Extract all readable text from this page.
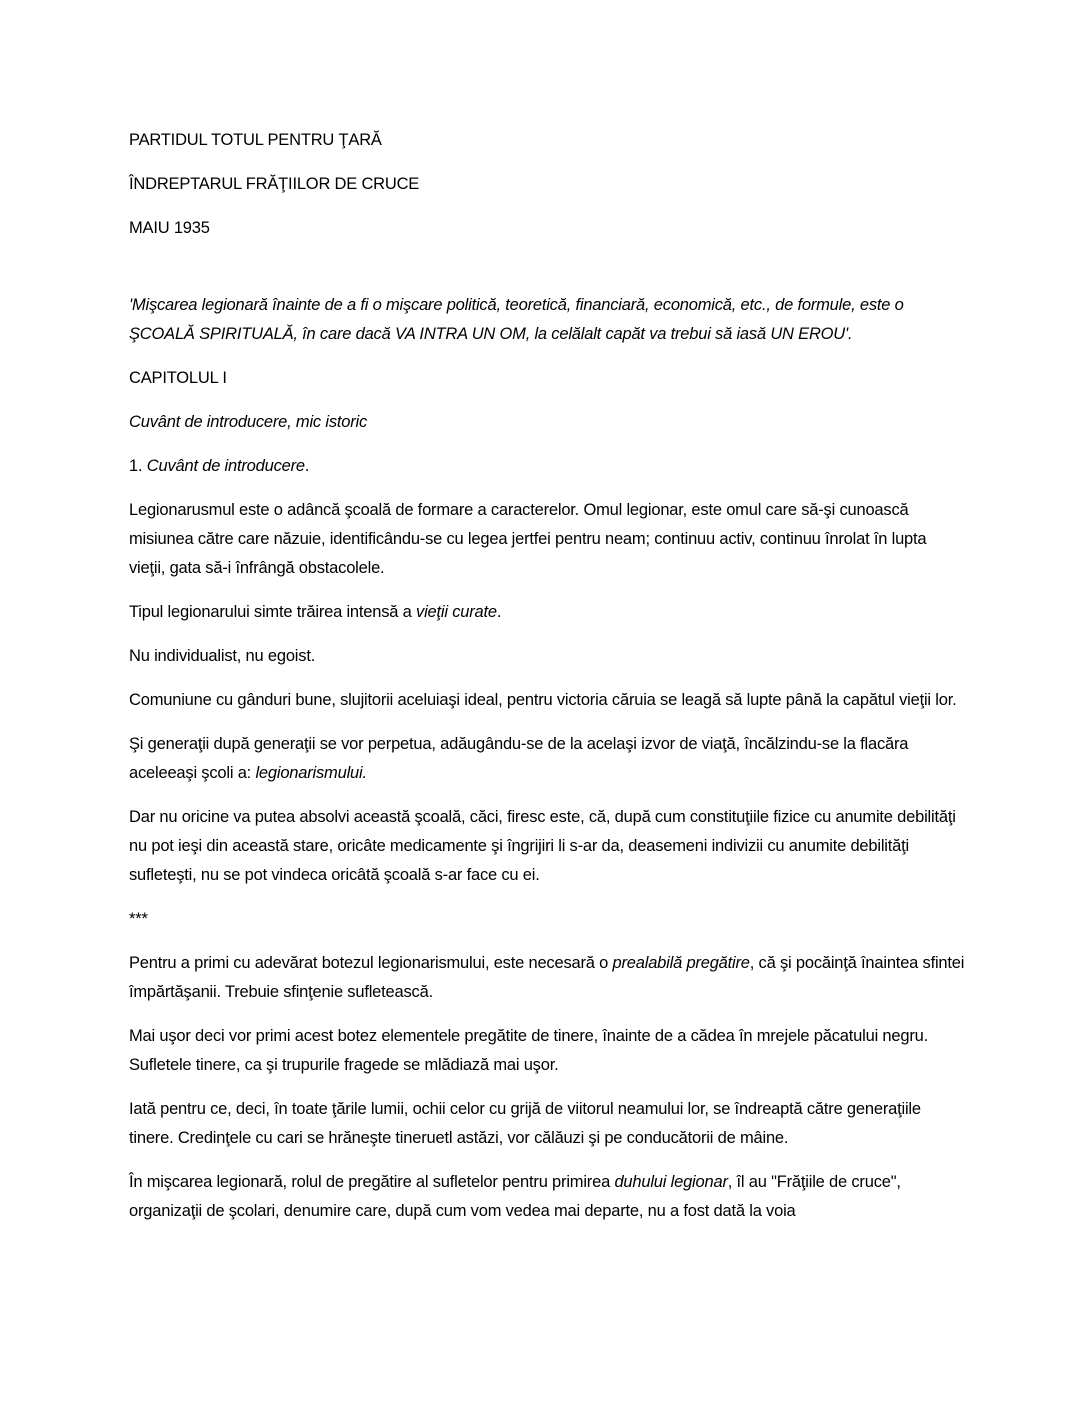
PARTIDUL TOTUL PENTRU ŢARĂ

ÎNDREPTARUL FRĂŢIILOR DE CRUCE

MAIU 1935

'Mişcarea legionară înainte de a fi o mişcare politică, teoretică, financiară, economică, etc., de formule, este o ŞCOALĂ SPIRITUALĂ, în care dacă VA INTRA UN OM, la celălalt capăt va trebui să iasă UN EROU'.

CAPITOLUL I

Cuvânt de introducere, mic istoric

1. Cuvânt de introducere.

Legionarusmul este o adâncă şcoală de formare a caracterelor. Omul legionar, este omul care să-şi cunoască misiunea către care năzuie, identificându-se cu legea jertfei pentru neam; continuu activ, continuu înrolat în lupta vieţii, gata să-i înfrângă obstacolele.

Tipul legionarului simte trăirea intensă a vieţii curate.

Nu individualist, nu egoist.

Comuniune cu gânduri bune, slujitorii aceluiaşi ideal, pentru victoria căruia se leagă să lupte până la capătul vieţii lor.

Şi generaţii după generaţii se vor perpetua, adăugându-se de la acelaşi izvor de viaţă, încălzindu-se la flacăra aceleeaşi şcoli a: legionarismului.

Dar nu oricine va putea absolvi această şcoală, căci, firesc este, că, după cum constituţiile fizice cu anumite debilităţi nu pot ieşi din această stare, oricâte medicamente şi îngrijiri li s-ar da, deasemeni indivizii cu anumite debilităţi sufleteşti, nu se pot vindeca oricâtă şcoală s-ar face cu ei.

***

Pentru a primi cu adevărat botezul legionarismului, este necesară o prealabilă pregătire, că şi pocăinţă înaintea sfintei împărtăşanii. Trebuie sfinţenie sufletească.

Mai uşor deci vor primi acest botez elementele pregătite de tinere, înainte de a cădea în mrejele păcatului negru. Sufletele tinere, ca şi trupurile fragede se mlădiază mai uşor.

Iată pentru ce, deci, în toate ţările lumii, ochii celor cu grijă de viitorul neamului lor, se îndreaptă către generaţiile tinere. Credinţele cu cari se hrăneşte tineruetl astăzi, vor călăuzi şi pe conducătorii de mâine.

În mişcarea legionară, rolul de pregătire al sufletelor pentru primirea duhului legionar, îl au "Frăţiile de cruce", organizaţii de şcolari, denumire care, după cum vom vedea mai departe, nu a fost dată la voia
